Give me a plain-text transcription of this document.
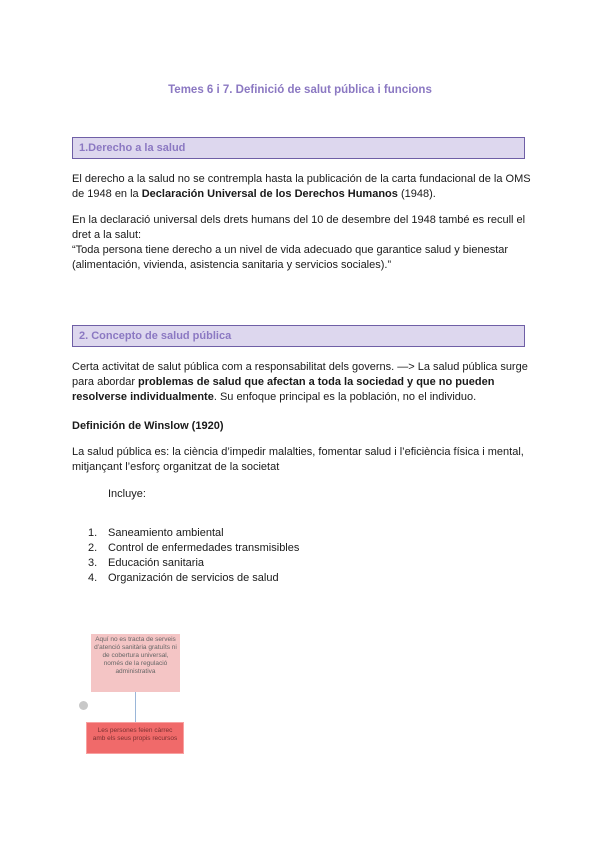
Temes 6 i 7. Definició de salut pública i funcions
1.Derecho a la salud
El derecho a la salud no se contrempla hasta la publicación de la carta fundacional de la OMS de 1948 en la Declaración Universal de los Derechos Humanos (1948).
En la declaració universal dels drets humans del 10 de desembre del 1948 també es recull el dret a la salut:
“Toda persona tiene derecho a un nivel de vida adecuado que garantice salud y bienestar (alimentación, vivienda, asistencia sanitaria y servicios sociales).”
2. Concepto de salud pública
Certa activitat de salut pública com a responsabilitat dels governs. —> La salud pública surge para abordar problemas de salud que afectan a toda la sociedad y que no pueden resolverse individualmente. Su enfoque principal es la población, no el individuo.
Definición de Winslow (1920)
La salud pública es: la ciència d’impedir malalties, fomentar salud i l’eficiència física i mental, mitjançant l’esforç organitzat de la societat
Incluye:
1. Saneamiento ambiental
2. Control de enfermedades transmisibles
3. Educación sanitaria
4. Organización de servicios de salud
Aquí no es tracta de serveis d’atenció sanitària gratuïts ni de cobertura universal, només de la regulació administrativa
Les persones feien càrrec amb els seus propis recursos
